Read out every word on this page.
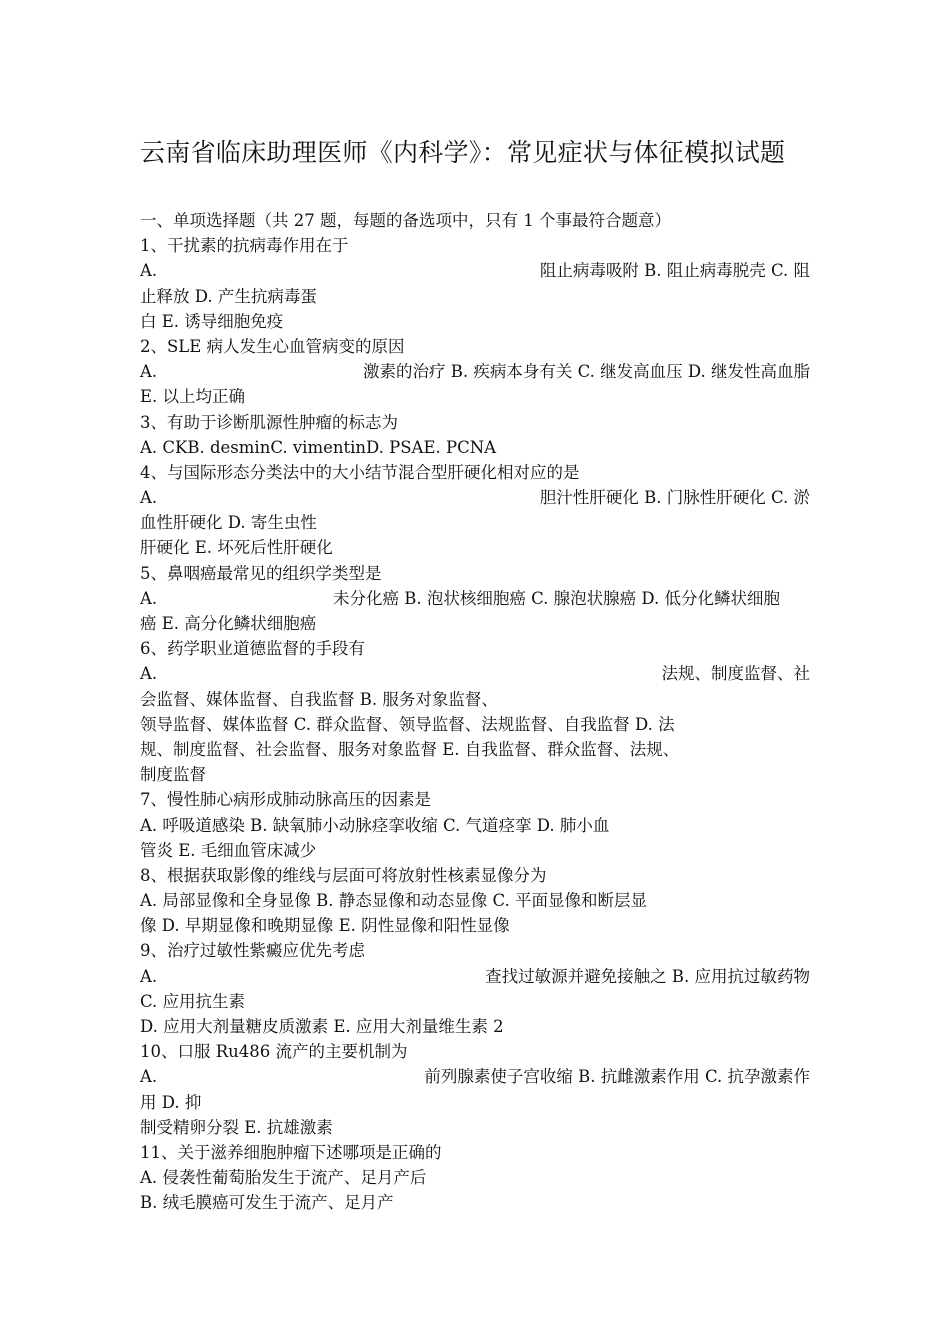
云南省临床助理医师《内科学》：常见症状与体征模拟试题
一、单项选择题（共 27 题，每题的备选项中，只有 1 个事最符合题意）
1、干扰素的抗病毒作用在于
A.	阻止病毒吸附 B. 阻止病毒脱壳 C. 阻
止释放 D. 产生抗病毒蛋
白 E. 诱导细胞免疫
2、SLE 病人发生心血管病变的原因
A.	激素的治疗 B. 疾病本身有关 C. 继发高血压 D. 继发性高血脂
E. 以上均正确
3、有助于诊断肌源性肿瘤的标志为
A. CKB. desminC. vimentinD. PSAE. PCNA
4、与国际形态分类法中的大小结节混合型肝硬化相对应的是
A.	胆汁性肝硬化 B. 门脉性肝硬化 C. 淤
血性肝硬化 D. 寄生虫性
肝硬化 E. 坏死后性肝硬化
5、鼻咽癌最常见的组织学类型是
A.	未分化癌 B. 泡状核细胞癌 C. 腺泡状腺癌 D. 低分化鳞状细胞
癌 E. 高分化鳞状细胞癌
6、药学职业道德监督的手段有
A.	法规、制度监督、社
会监督、媒体监督、自我监督 B. 服务对象监督、
领导监督、媒体监督 C. 群众监督、领导监督、法规监督、自我监督 D. 法
规、制度监督、社会监督、服务对象监督 E. 自我监督、群众监督、法规、
制度监督
7、慢性肺心病形成肺动脉高压的因素是
A. 呼吸道感染 B. 缺氧肺小动脉痉挛收缩 C. 气道痉挛 D. 肺小血
管炎 E. 毛细血管床减少
8、根据获取影像的维线与层面可将放射性核素显像分为
A. 局部显像和全身显像 B. 静态显像和动态显像 C. 平面显像和断层显
像 D. 早期显像和晚期显像 E. 阴性显像和阳性显像
9、治疗过敏性紫癜应优先考虑
A.	查找过敏源并避免接触之 B. 应用抗过敏药物
C. 应用抗生素
D. 应用大剂量糖皮质激素 E. 应用大剂量维生素 2
10、口服 Ru486 流产的主要机制为
A.	前列腺素使子宫收缩 B. 抗雌激素作用 C. 抗孕激素作
用 D. 抑
制受精卵分裂 E. 抗雄激素
11、关于滋养细胞肿瘤下述哪项是正确的
A. 侵袭性葡萄胎发生于流产、足月产后
B. 绒毛膜癌可发生于流产、足月产
